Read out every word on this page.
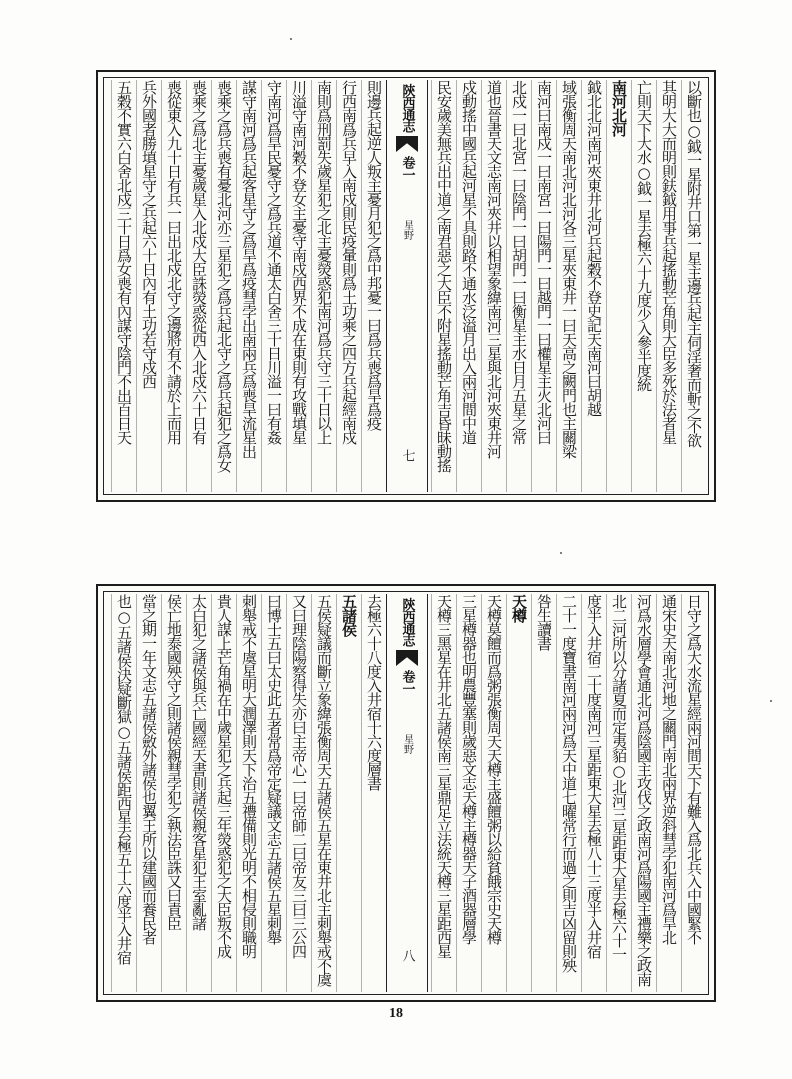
以斷也○鉞一星附井口第一星主邊兵起主伺淫奢而斬之不欲
其明大大而明則鈇鉞用事兵起搖動芒角則大臣多死於法者星
亡則天下大水○鉞一星去極六十九度少入參半度統
南河北河
鉞北北河南河夾東井北河兵起穀不登史記天南河曰胡越
域張衡周天南北河北河各三星夾東井一曰天高之闕門也主關梁
南河曰南戍一曰南宮一曰陽門一曰越門一曰權星主火北河曰
北戍一曰北宮一曰陰門一曰胡門一曰衡星主水日月五星之常
道也晉書天文志南河夾井以相望象緯南河三星與北河夾東井河
戍動搖中國兵起河星不具則路不通水泛溢月出入兩河間中道
民安歲美無兵出中道之南君惡之大臣不附星搖動芒角吉昏昧動搖
陝西通志
卷一
星野
七
則邊兵起逆人叛主憂月犯之爲中邦憂一曰爲兵喪爲旱爲疫
行西南爲兵早入南戍則民疫暈則爲土功乘之四方兵起經南戍
南則爲刑罰失歲星犯之北主憂熒惑犯南河爲兵守三十日以上
川溢守南河穀不登女主憂守南戍西界不成在東則有攻戰填星
守南河爲旱民憂守之爲兵道不通太白舍三十日川溢一曰有姦
謀守南河爲兵起客星守之爲旱爲疫彗孛出南兩兵爲喪旱流星出
喪乘之爲兵喪有憂北河亦三星犯之爲兵起北守之爲兵起犯之爲女
喪乘之爲北主憂歲星入北戍大臣誅熒惑從西入北戍六十日有
喪從東入九十日有兵一曰出北戍北守之邊將有不請於上而用
兵外國者勝填星守之兵起六十日內有土功若守戍西
五穀不實六白舍北戍三十日爲女喪有內謀守陰門不出百日天
日守之爲大水流星經兩河間天下有難入爲北兵入中國緊不
通宋史天南北河地之關門南北兩界逆斜彗孛犯南河爲旱北
河爲水層學會通北河爲陰國主攻伐之政南河爲陽國主禮樂之政南
北二河所以分諸夏而定夷貊○北河三星距東大星去極六十一
度半入井宿二十度南河三星距東大星去極八十三度半入井宿
二十一度寶書南河兩河爲天中道七曜常行而過之則吉凶留則殃
咎生讀書
天樽
天樽莫饘而爲粥張衡周天天樽主盛饘粥以給貧餓宗史天樽
三星樽器也明農豐塞則歲惡文志天樽主樽器天子酒器層學
天樽三黑星在井北五諸侯南三星鼎足立法統天樽三星距西星
陝西通志
卷一
星野
八
去極六十八度入井宿十六度層書
五諸侯
五侯疑議而斷立象緯張衡周天五諸侯五星在東井北主刺舉戒不虞
又曰理陰陽察得失亦曰主帝心一曰帝師二曰帝友三曰三公四
曰博士五曰太史此五者常爲帝定疑議文志五諸侯五星刺舉
刺舉戒不虞星明大潤澤則天下治五禮備則光明不相侵則職明
貴人謀上芒角禍在中歲星犯之兵起三年熒惑犯之大臣叛不成
太白犯之諸侯與兵亡國經天書則諸侯親客星犯王室亂諸
侯亡地泰國殃守之則諸侯親彗孛犯之執法臣誅又曰責臣
當之期一年文志五諸侯斂外諸侯也翼王所以建國而養民者
也○五諸侯決疑斷獄○五諸侯距西星去極五十六度半入井宿
18
